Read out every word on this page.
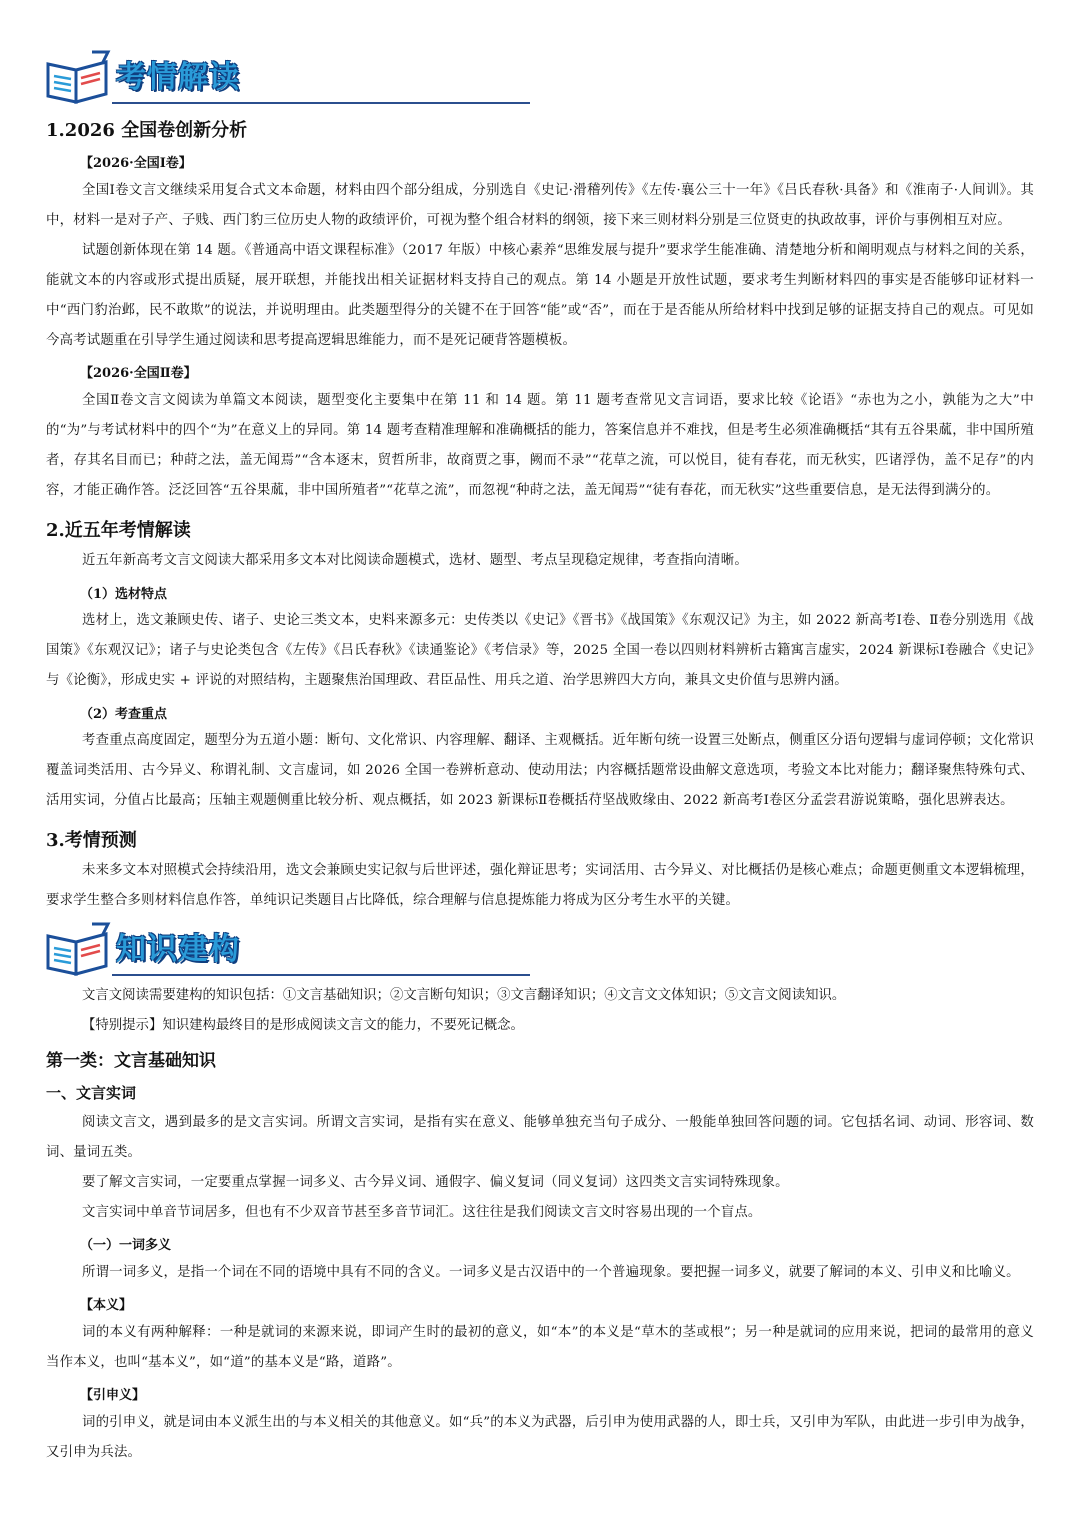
考情解读
1.2026 全国卷创新分析
【2026·全国Ⅰ卷】
全国Ⅰ卷文言文继续采用复合式文本命题，材料由四个部分组成，分别选自《史记·滑稽列传》《左传·襄公三十一年》《吕氏春秋·具备》和《淮南子·人间训》。其中，材料一是对子产、子贱、西门豹三位历史人物的政绩评价，可视为整个组合材料的纲领，接下来三则材料分别是三位贤吏的执政故事，评价与事例相互对应。
试题创新体现在第 14 题。《普通高中语文课程标准》（2017 年版）中核心素养“思维发展与提升”要求学生能准确、清楚地分析和阐明观点与材料之间的关系，能就文本的内容或形式提出质疑，展开联想，并能找出相关证据材料支持自己的观点。第 14 小题是开放性试题，要求考生判断材料四的事实是否能够印证材料一中“西门豹治邺，民不敢欺”的说法，并说明理由。此类题型得分的关键不在于回答“能”或“否”，而在于是否能从所给材料中找到足够的证据支持自己的观点。可见如今高考试题重在引导学生通过阅读和思考提高逻辑思维能力，而不是死记硬背答题模板。
【2026·全国Ⅱ卷】
全国Ⅱ卷文言文阅读为单篇文本阅读，题型变化主要集中在第 11 和 14 题。第 11 题考查常见文言词语，要求比较《论语》“赤也为之小，孰能为之大”中的“为”与考试材料中的四个“为”在意义上的异同。第 14 题考查精准理解和准确概括的能力，答案信息并不难找，但是考生必须准确概括“其有五谷果蓏，非中国所殖者，存其名目而已；种莳之法，盖无闻焉”“含本逐末，贸哲所非，故商贾之事，阙而不录”“花草之流，可以悦目，徒有春花，而无秋实，匹诸浮伪，盖不足存”的内容，才能正确作答。泛泛回答“五谷果蓏，非中国所殖者”“花草之流”，而忽视“种莳之法，盖无闻焉”“徒有春花，而无秋实”这些重要信息，是无法得到满分的。
2.近五年考情解读
近五年新高考文言文阅读大都采用多文本对比阅读命题模式，选材、题型、考点呈现稳定规律，考查指向清晰。
（1）选材特点
选材上，选文兼顾史传、诸子、史论三类文本，史料来源多元：史传类以《史记》《晋书》《战国策》《东观汉记》为主，如 2022 新高考Ⅰ卷、Ⅱ卷分别选用《战国策》《东观汉记》；诸子与史论类包含《左传》《吕氏春秋》《读通鉴论》《考信录》等，2025 全国一卷以四则材料辨析古籍寓言虚实，2024 新课标Ⅰ卷融合《史记》与《论衡》，形成史实 + 评说的对照结构，主题聚焦治国理政、君臣品性、用兵之道、治学思辨四大方向，兼具文史价值与思辨内涵。
（2）考查重点
考查重点高度固定，题型分为五道小题：断句、文化常识、内容理解、翻译、主观概括。近年断句统一设置三处断点，侧重区分语句逻辑与虚词停顿；文化常识覆盖词类活用、古今异义、称谓礼制、文言虚词，如 2026 全国一卷辨析意动、使动用法；内容概括题常设曲解文意选项，考验文本比对能力；翻译聚焦特殊句式、活用实词，分值占比最高；压轴主观题侧重比较分析、观点概括，如 2023 新课标Ⅱ卷概括苻坚战败缘由、2022 新高考Ⅰ卷区分孟尝君游说策略，强化思辨表达。
3.考情预测
未来多文本对照模式会持续沿用，选文会兼顾史实记叙与后世评述，强化辩证思考；实词活用、古今异义、对比概括仍是核心难点；命题更侧重文本逻辑梳理，要求学生整合多则材料信息作答，单纯识记类题目占比降低，综合理解与信息提炼能力将成为区分考生水平的关键。
知识建构
文言文阅读需要建构的知识包括：①文言基础知识；②文言断句知识；③文言翻译知识；④文言文文体知识；⑤文言文阅读知识。
【特别提示】知识建构最终目的是形成阅读文言文的能力，不要死记概念。
第一类：文言基础知识
一、文言实词
阅读文言文，遇到最多的是文言实词。所谓文言实词，是指有实在意义、能够单独充当句子成分、一般能单独回答问题的词。它包括名词、动词、形容词、数词、量词五类。
要了解文言实词，一定要重点掌握一词多义、古今异义词、通假字、偏义复词（同义复词）这四类文言实词特殊现象。
文言实词中单音节词居多，但也有不少双音节甚至多音节词汇。这往往是我们阅读文言文时容易出现的一个盲点。
（一）一词多义
所谓一词多义，是指一个词在不同的语境中具有不同的含义。一词多义是古汉语中的一个普遍现象。要把握一词多义，就要了解词的本义、引申义和比喻义。
【本义】
词的本义有两种解释：一种是就词的来源来说，即词产生时的最初的意义，如“本”的本义是“草木的茎或根”；另一种是就词的应用来说，把词的最常用的意义当作本义，也叫“基本义”，如“道”的基本义是“路，道路”。
【引申义】
词的引申义，就是词由本义派生出的与本义相关的其他意义。如“兵”的本义为武器，后引申为使用武器的人，即士兵，又引申为军队，由此进一步引申为战争，又引申为兵法。
